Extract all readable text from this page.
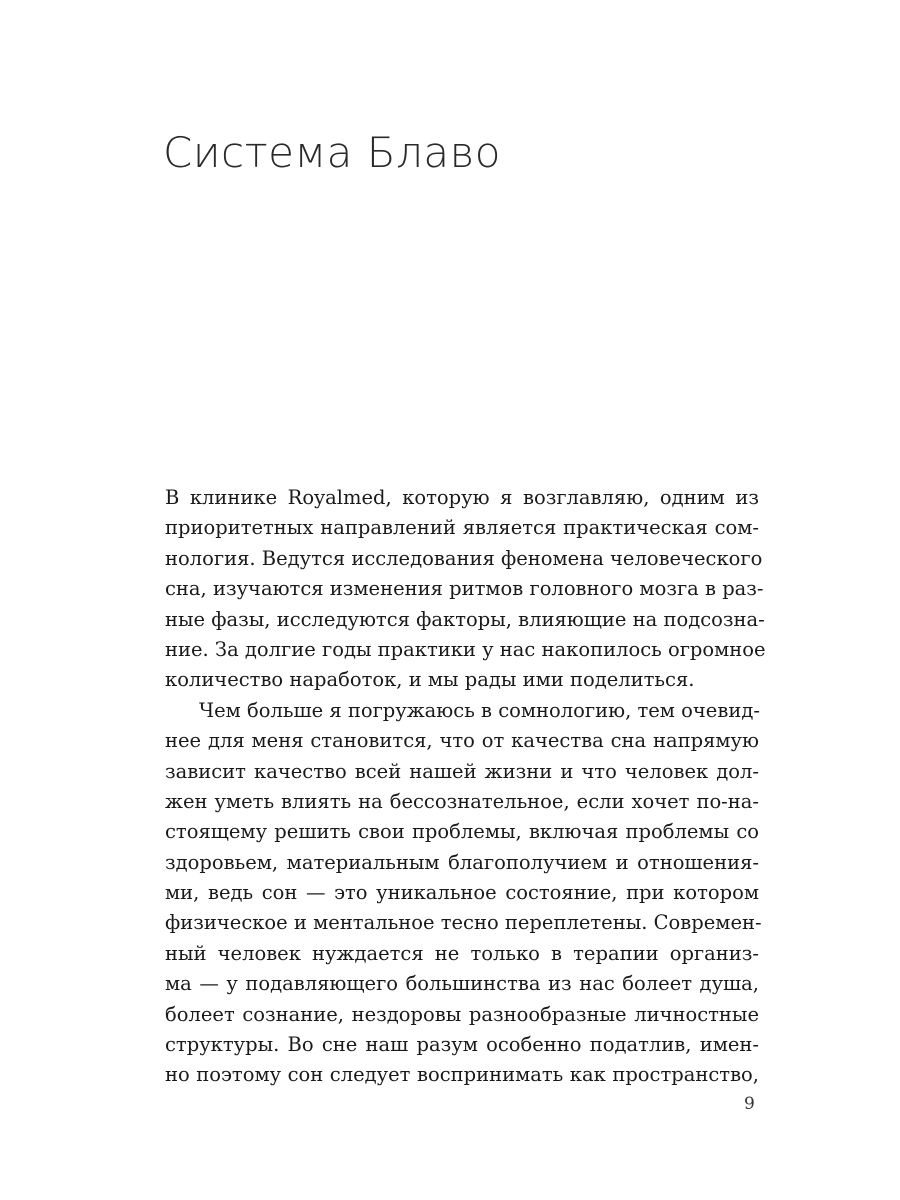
Система Блаво
В клинике Royalmed, которую я возглавляю, одним из
приоритетных направлений является практическая сом-
нология. Ведутся исследования феномена человеческого
сна, изучаются изменения ритмов головного мозга в раз-
ные фазы, исследуются факторы, влияющие на подсозна-
ние. За долгие годы практики у нас накопилось огромное
количество наработок, и мы рады ими поделиться.
Чем больше я погружаюсь в сомнологию, тем очевид-
нее для меня становится, что от качества сна напрямую
зависит качество всей нашей жизни и что человек дол-
жен уметь влиять на бессознательное, если хочет по-на-
стоящему решить свои проблемы, включая проблемы со
здоровьем, материальным благополучием и отношения-
ми, ведь сон — это уникальное состояние, при котором
физическое и ментальное тесно переплетены. Современ-
ный человек нуждается не только в терапии организ-
ма — у подавляющего большинства из нас болеет душа,
болеет сознание, нездоровы разнообразные личностные
структуры. Во сне наш разум особенно податлив, имен-
но поэтому сон следует воспринимать как пространство,
9
